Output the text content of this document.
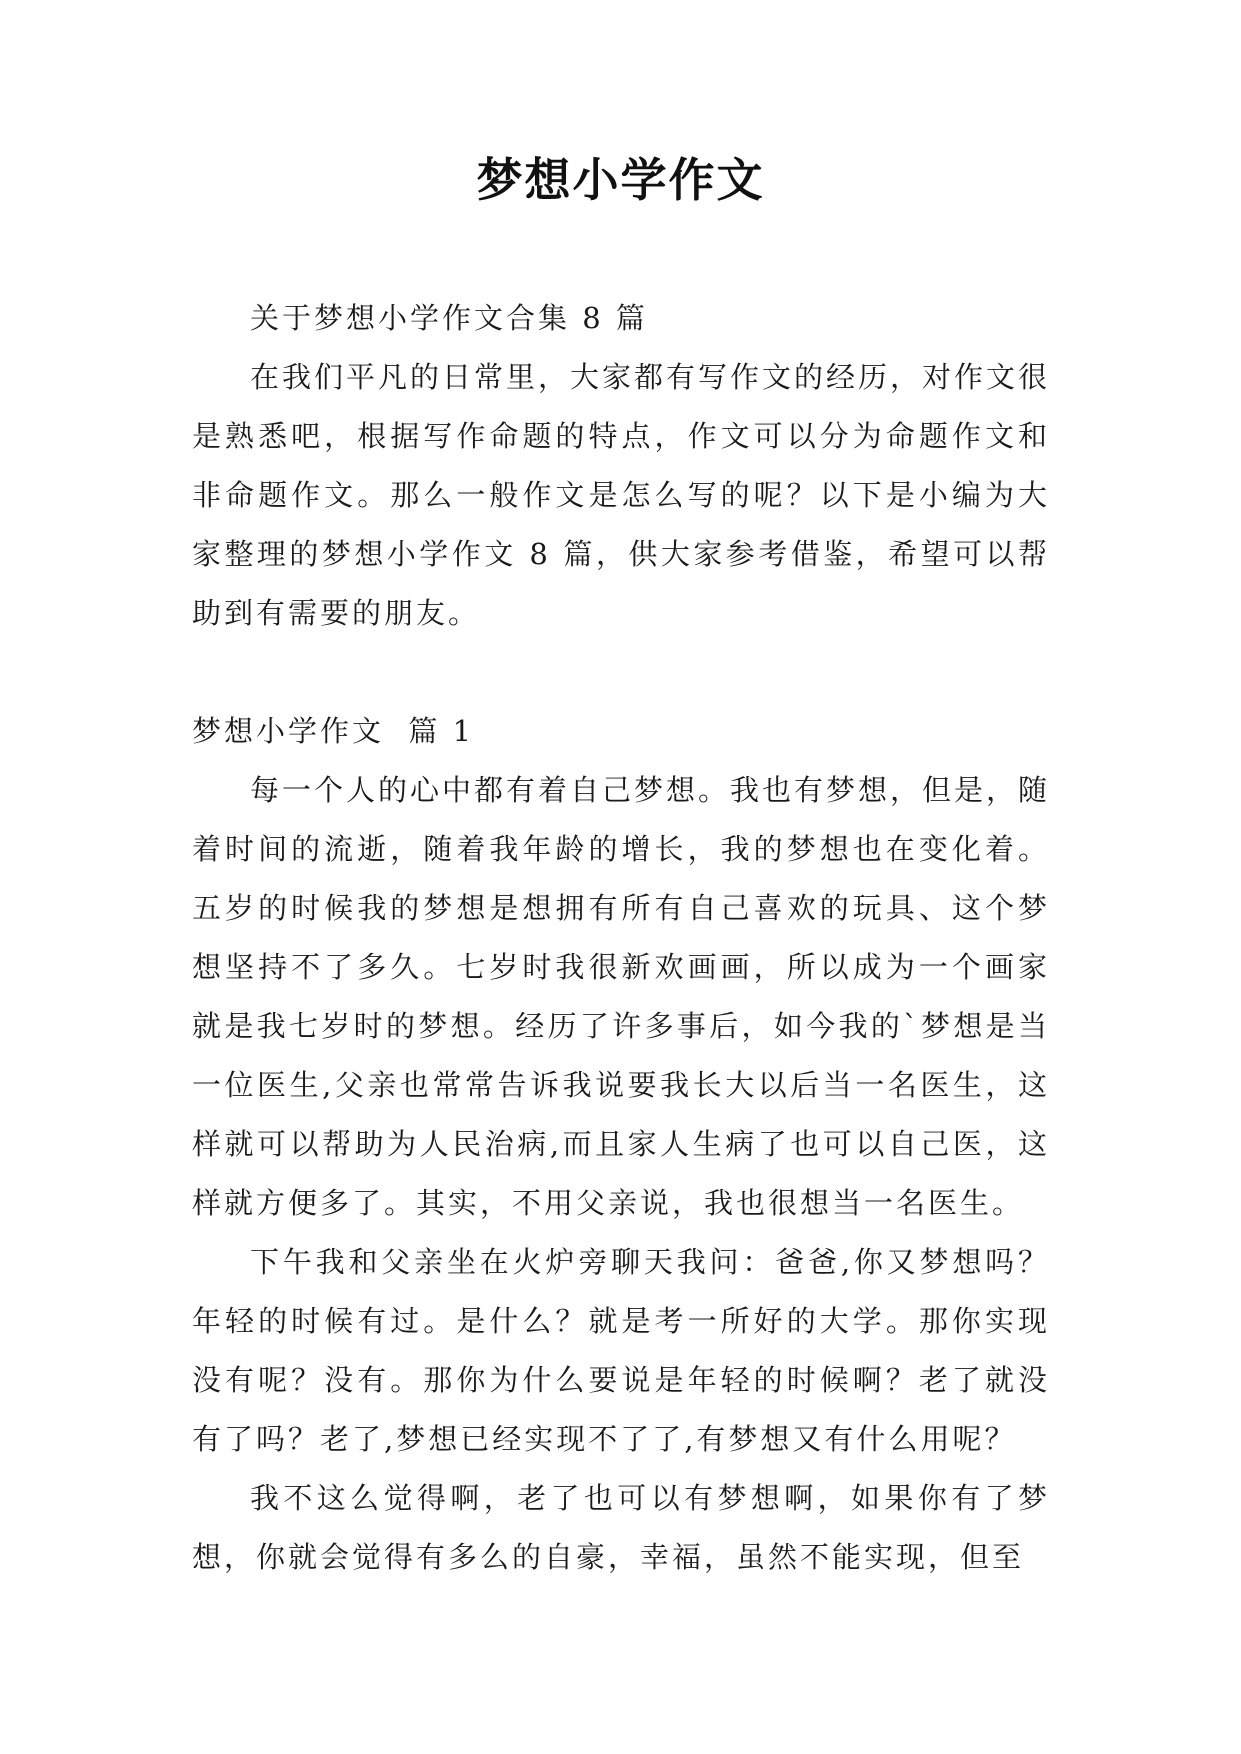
梦想小学作文

关于梦想小学作文合集 8 篇

在我们平凡的日常里，大家都有写作文的经历，对作文很是熟悉吧，根据写作命题的特点，作文可以分为命题作文和非命题作文。那么一般作文是怎么写的呢？以下是小编为大家整理的梦想小学作文 8 篇，供大家参考借鉴，希望可以帮助到有需要的朋友。

梦想小学作文  篇 1

每一个人的心中都有着自己梦想。我也有梦想，但是，随着时间的流逝，随着我年龄的增长，我的梦想也在变化着。五岁的时候我的梦想是想拥有所有自己喜欢的玩具、这个梦想坚持不了多久。七岁时我很新欢画画，所以成为一个画家就是我七岁时的梦想。经历了许多事后，如今我的`梦想是当一位医生,父亲也常常告诉我说要我长大以后当一名医生，这样就可以帮助为人民治病,而且家人生病了也可以自己医，这样就方便多了。其实，不用父亲说，我也很想当一名医生。

下午我和父亲坐在火炉旁聊天我问：爸爸,你又梦想吗？年轻的时候有过。是什么？就是考一所好的大学。那你实现没有呢？没有。那你为什么要说是年轻的时候啊？老了就没有了吗？老了,梦想已经实现不了了,有梦想又有什么用呢？

我不这么觉得啊，老了也可以有梦想啊，如果你有了梦想，你就会觉得有多么的自豪，幸福，虽然不能实现，但至
